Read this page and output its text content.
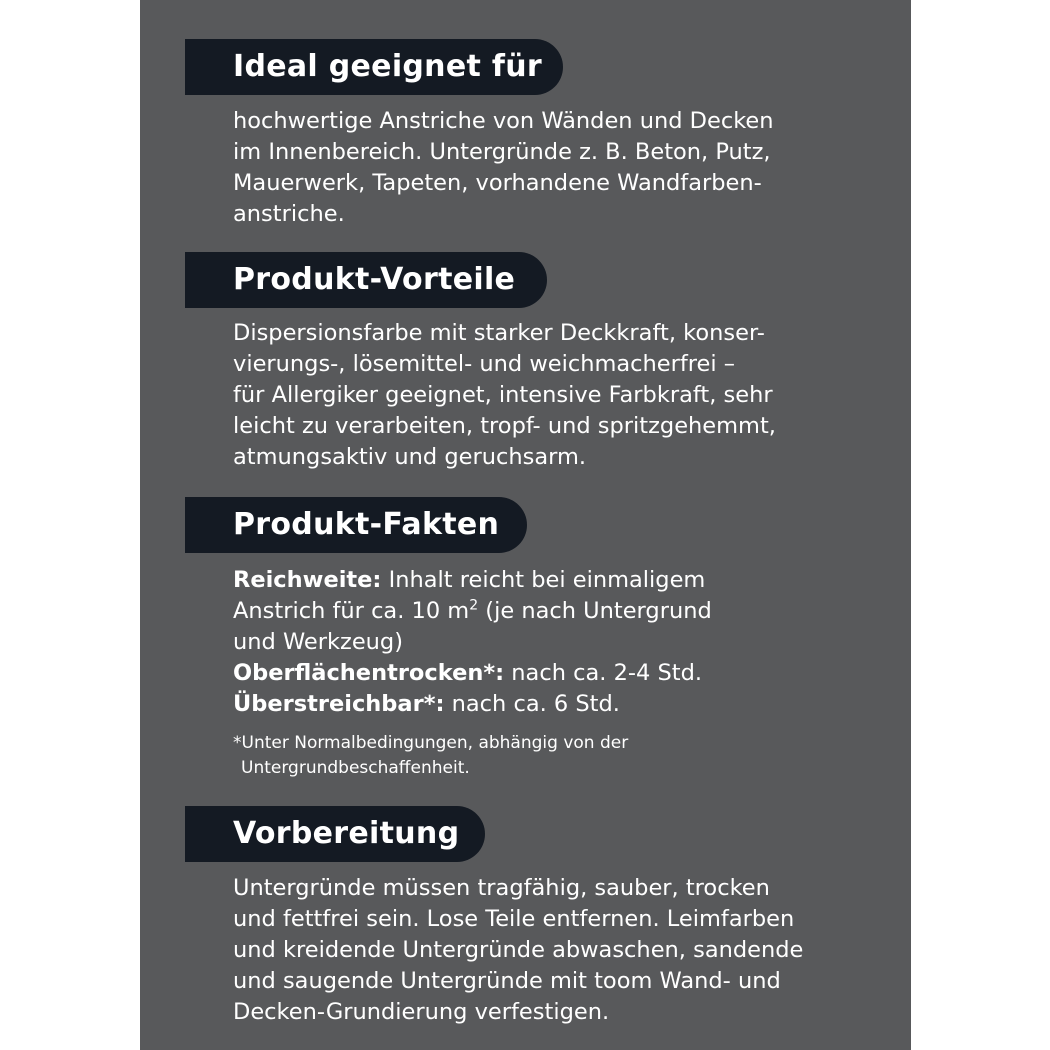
Ideal geeignet für
hochwertige Anstriche von Wänden und Decken
im Innenbereich. Untergründe z. B. Beton, Putz,
Mauerwerk, Tapeten, vorhandene Wandfarben-
anstriche.
Produkt-Vorteile
Dispersionsfarbe mit starker Deckkraft, konser-
vierungs-, lösemittel- und weichmacherfrei –
für Allergiker geeignet, intensive Farbkraft, sehr
leicht zu verarbeiten, tropf- und spritzgehemmt,
atmungsaktiv und geruchsarm.
Produkt-Fakten
Reichweite: Inhalt reicht bei einmaligem
Anstrich für ca. 10 $m^2$ (je nach Untergrund
und Werkzeug)
Oberflächentrocken*: nach ca. 2-4 Std.
Überstreichbar*: nach ca. 6 Std.
*Unter Normalbedingungen, abhängig von der
Untergrundbeschaffenheit.
Vorbereitung
Untergründe müssen tragfähig, sauber, trocken
und fettfrei sein. Lose Teile entfernen. Leimfarben
und kreidende Untergründe abwaschen, sandende
und saugende Untergründe mit toom Wand- und
Decken-Grundierung verfestigen.
